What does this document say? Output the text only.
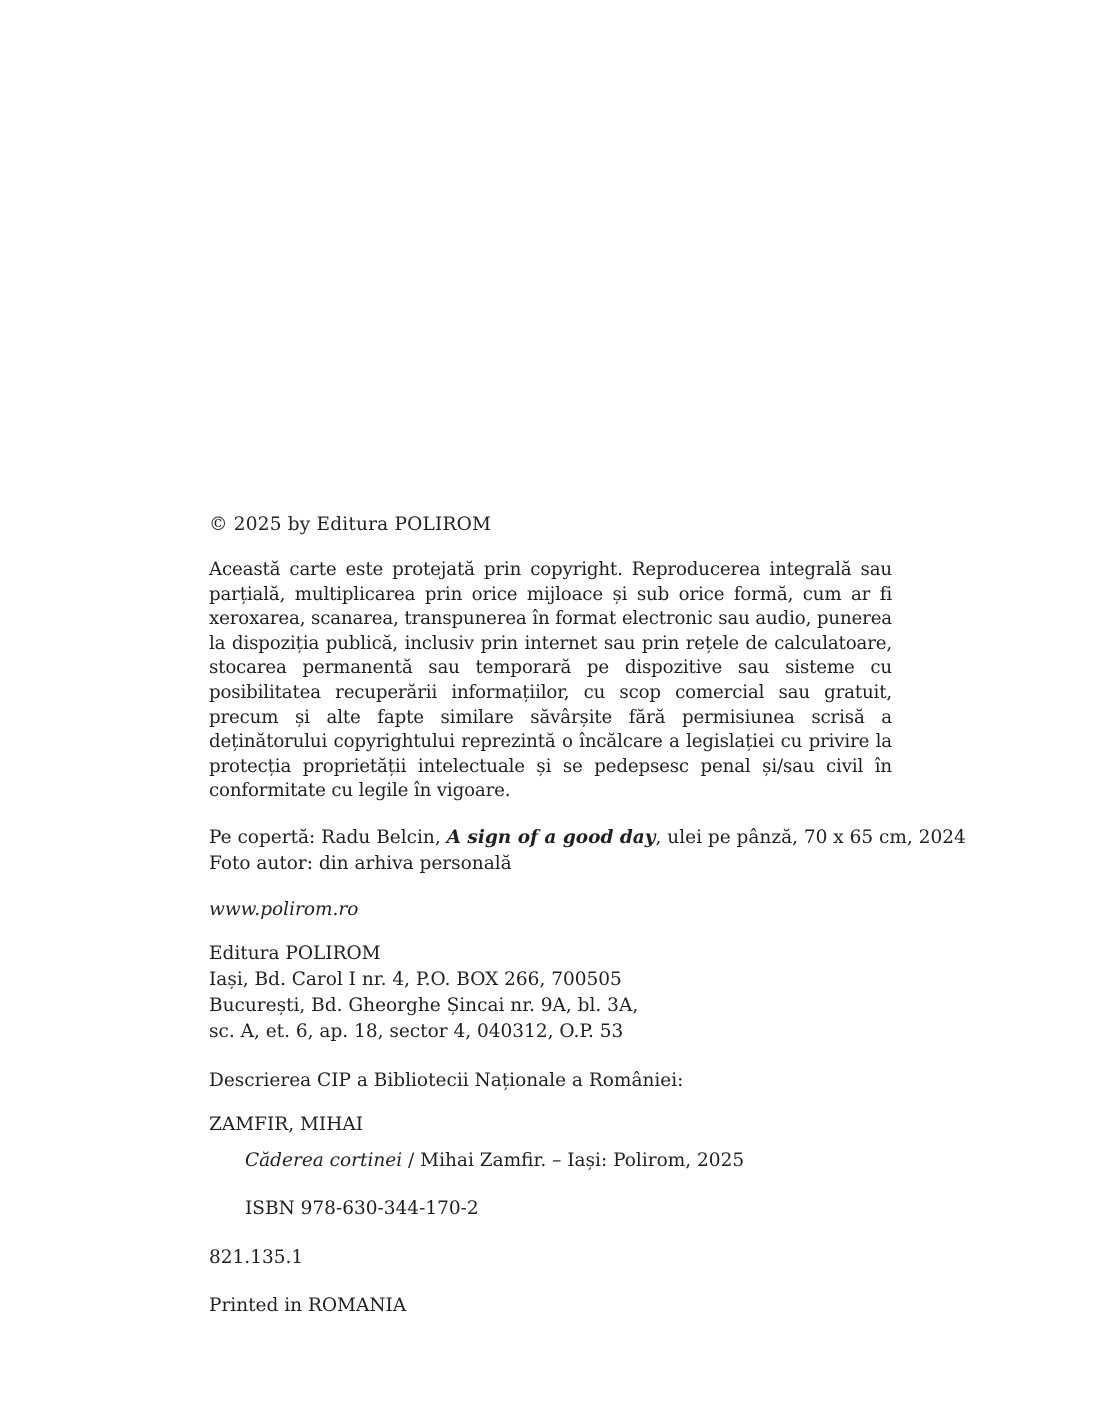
© 2025 by Editura POLIROM
Această carte este protejată prin copyright. Reproducerea integrală sau parțială, multiplicarea prin orice mijloace și sub orice formă, cum ar fi xeroxarea, scanarea, transpunerea în format electronic sau audio, punerea la dispoziția publică, inclusiv prin internet sau prin rețele de calculatoare, stocarea permanentă sau temporară pe dispozitive sau sisteme cu posibilitatea recuperării informațiilor, cu scop comercial sau gratuit, precum și alte fapte similare săvârșite fără permisiunea scrisă a deținătorului copyrightului reprezintă o încălcare a legislației cu privire la protecția proprietății intelectuale și se pedepsesc penal și/sau civil în conformitate cu legile în vigoare.
Pe copertă: Radu Belcin, A sign of a good day, ulei pe pânză, 70 x 65 cm, 2024
Foto autor: din arhiva personală
www.polirom.ro
Editura POLIROM
Iași, Bd. Carol I nr. 4, P.O. BOX 266, 700505
București, Bd. Gheorghe Șincai nr. 9A, bl. 3A,
sc. A, et. 6, ap. 18, sector 4, 040312, O.P. 53
Descrierea CIP a Bibliotecii Naționale a României:
ZAMFIR, MIHAI
Căderea cortinei / Mihai Zamfir. – Iași: Polirom, 2025
ISBN 978-630-344-170-2
821.135.1
Printed in ROMANIA
